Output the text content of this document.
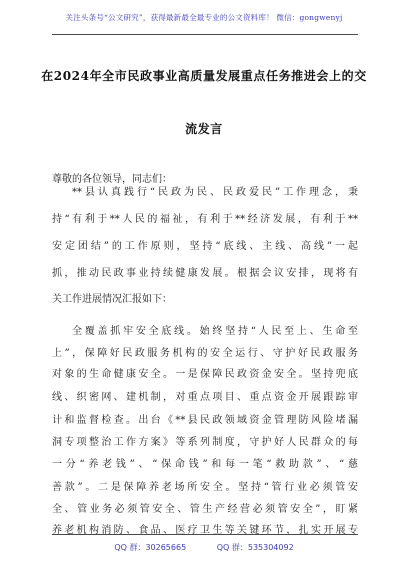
关注头条号“公文研究”，获得最新最全最专业的公文资料库！ 微信：gongwenyj
在2024年全市民政事业高质量发展重点任务推进会上的交
流发言
尊敬的各位领导，同志们：
**县认真践行“民政为民、民政爱民”工作理念，秉
持“有利于**人民的福祉，有利于**经济发展，有利于**
安定团结”的工作原则，坚持“底线、主线、高线”一起
抓，推动民政事业持续健康发展。根据会议安排，现将有
关工作进展情况汇报如下：
全覆盖抓牢安全底线。始终坚持“人民至上、生命至
上”，保障好民政服务机构的安全运行、守护好民政服务
对象的生命健康安全。一是保障民政资金安全。坚持兜底
线、织密网、建机制，对重点项目、重点资金开展跟踪审
计和监督检查。出台《**县民政领域资金管理防风险堵漏
洞专项整治工作方案》等系列制度，守护好人民群众的每
一分“养老钱”、“保命钱”和每一笔“救助款”、“慈
善款”。二是保障养老场所安全。坚持“管行业必须管安
全、管业务必须管安全、管生产经营必须管安全”，盯紧
养老机构消防、食品、医疗卫生等关键环节，扎实开展专
QQ 群：30265665	QQ 群：535304092
